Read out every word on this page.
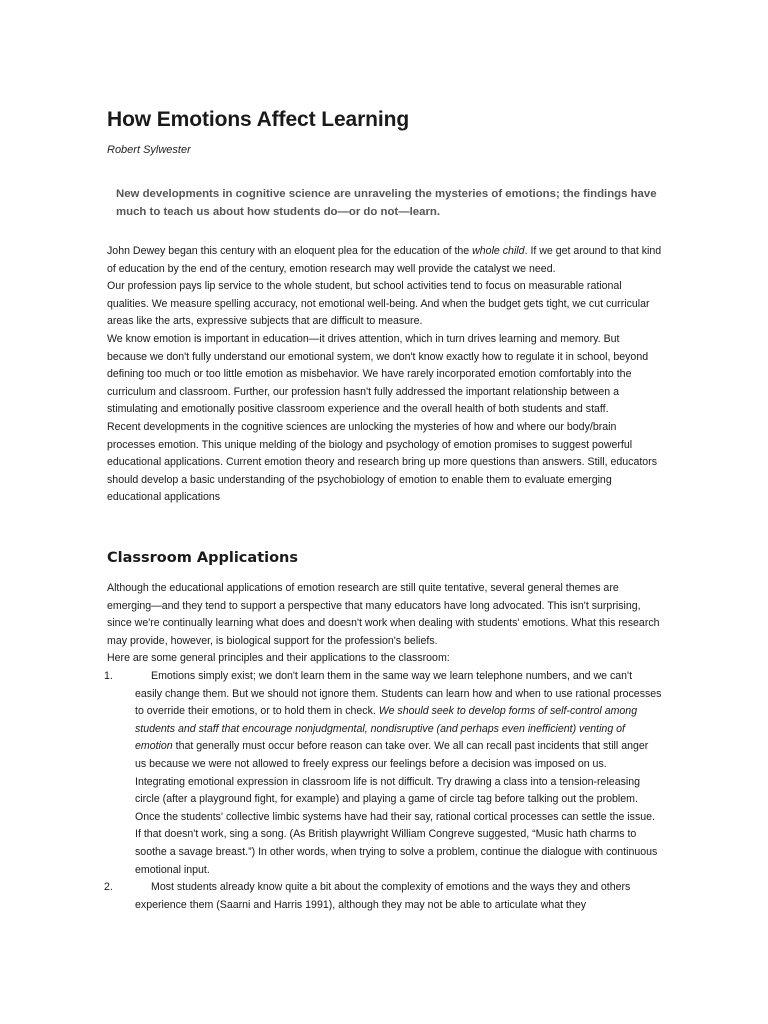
How Emotions Affect Learning
Robert Sylwester
New developments in cognitive science are unraveling the mysteries of emotions; the findings have much to teach us about how students do—or do not—learn.

John Dewey began this century with an eloquent plea for the education of the whole child. If we get around to that kind of education by the end of the century, emotion research may well provide the catalyst we need.

Our profession pays lip service to the whole student, but school activities tend to focus on measurable rational qualities. We measure spelling accuracy, not emotional well-being. And when the budget gets tight, we cut curricular areas like the arts, expressive subjects that are difficult to measure.

We know emotion is important in education—it drives attention, which in turn drives learning and memory. But because we don't fully understand our emotional system, we don't know exactly how to regulate it in school, beyond defining too much or too little emotion as misbehavior. We have rarely incorporated emotion comfortably into the curriculum and classroom. Further, our profession hasn't fully addressed the important relationship between a stimulating and emotionally positive classroom experience and the overall health of both students and staff.

Recent developments in the cognitive sciences are unlocking the mysteries of how and where our body/brain processes emotion. This unique melding of the biology and psychology of emotion promises to suggest powerful educational applications. Current emotion theory and research bring up more questions than answers. Still, educators should develop a basic understanding of the psychobiology of emotion to enable them to evaluate emerging educational applications

Classroom Applications

Although the educational applications of emotion research are still quite tentative, several general themes are emerging—and they tend to support a perspective that many educators have long advocated. This isn't surprising, since we're continually learning what does and doesn't work when dealing with students' emotions. What this research may provide, however, is biological support for the profession's beliefs.

Here are some general principles and their applications to the classroom:

1.	Emotions simply exist; we don't learn them in the same way we learn telephone numbers, and we can't easily change them. But we should not ignore them. Students can learn how and when to use rational processes to override their emotions, or to hold them in check. We should seek to develop forms of self-control among students and staff that encourage nonjudgmental, nondisruptive (and perhaps even inefficient) venting of emotion that generally must occur before reason can take over. We all can recall past incidents that still anger us because we were not allowed to freely express our feelings before a decision was imposed on us.

Integrating emotional expression in classroom life is not difficult. Try drawing a class into a tension-releasing circle (after a playground fight, for example) and playing a game of circle tag before talking out the problem. Once the students' collective limbic systems have had their say, rational cortical processes can settle the issue. If that doesn't work, sing a song. (As British playwright William Congreve suggested, “Music hath charms to soothe a savage breast.”) In other words, when trying to solve a problem, continue the dialogue with continuous emotional input.

2.	Most students already know quite a bit about the complexity of emotions and the ways they and others experience them (Saarni and Harris 1991), although they may not be able to articulate what they
